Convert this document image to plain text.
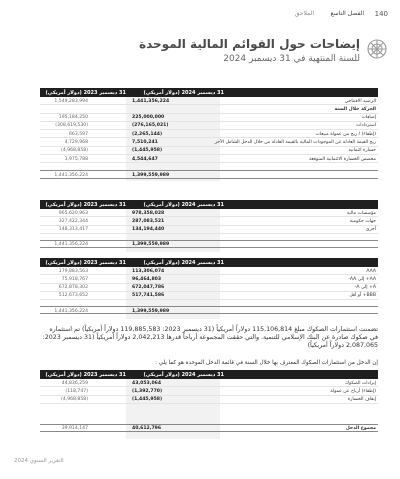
140
الفصل التاسع
الملاحق
إيضاحات حول القوائم المالية الموحدة
للسنة المنتهية في 31 ديسمبر 2024
31 ديسمبر 2024 (دولار أمريكي)
31 ديسمبر 2023 (دولار أمريكي)
الرصيد الافتتاحي
1,441,356,224
1,549,283,994
الحركة خلال السنة
إضافات
225,000,000
195,184,250
استردادات
(276,165,021)
(308,619,530)
(إطفاء) / ربح من عمولة مبيعات
(2,265,144)
663,597
ربح القيمة العادلة عن الموجودات المالية بالقيمة العادلة من خلال الدخل الشامل الآخر
7,510,241
4,729,968
خسارة ائتمانية
(1,445,958)
(4,968,858)
مخصص الخسارة الائتمانية المتوقعة
4,544,647
3,975,788
1,399,559,989
1,441,356,224
31 ديسمبر 2024 (دولار أمريكي)
31 ديسمبر 2023 (دولار أمريكي)
مؤسسات مالية
978,358,028
965,620,963
جهات حكومية
287,083,521
327,422,344
أخرى
134,194,440
148,313,417
1,399,559,989
1,441,356,224
31 ديسمبر 2024 (دولار أمريكي)
31 ديسمبر 2023 (دولار أمريكي)
AAA
113,306,074
179,883,563
AA+ إلى AA-
96,464,803
75,918,767
A+ إلى A-
672,047,786
672,878,302
BBB+ أو أقل
517,741,586
512,673,652
1,399,559,989
1,441,356,224
تضمنت استثمارات الصكوك مبلغ 115,106,814 دولاراً أمريكياً (31 ديسمبر 2023: 119,885,583 دولاراً أمريكياً) تم استثماره في صكوك صادرة عن البنك الإسلامي للتنمية. والتي حققت المجموعة أرباحاً قدرها 2,042,213 دولاراً أمريكياً (31 ديسمبر 2023: 2,087,065 دولاراً أمريكياً)
إن الدخل من استثمارات الصكوك المعترف بها خلال السنة في قائمة الدخل الموحدة هو كما يلي :
31 ديسمبر 2024 (دولار أمريكي)
31 ديسمبر 2023 (دولار أمريكي)
إيرادات الصكوك
43,053,064
44,836,259
(إطفاء) أرباح عن عمولة
(1,392,770)
(118,747)
إيقاف الخسارة
(1,445,958)
(4,968,858)
مجموع الدخل
40,612,796
39,914,147
التقرير السنوي 2024
